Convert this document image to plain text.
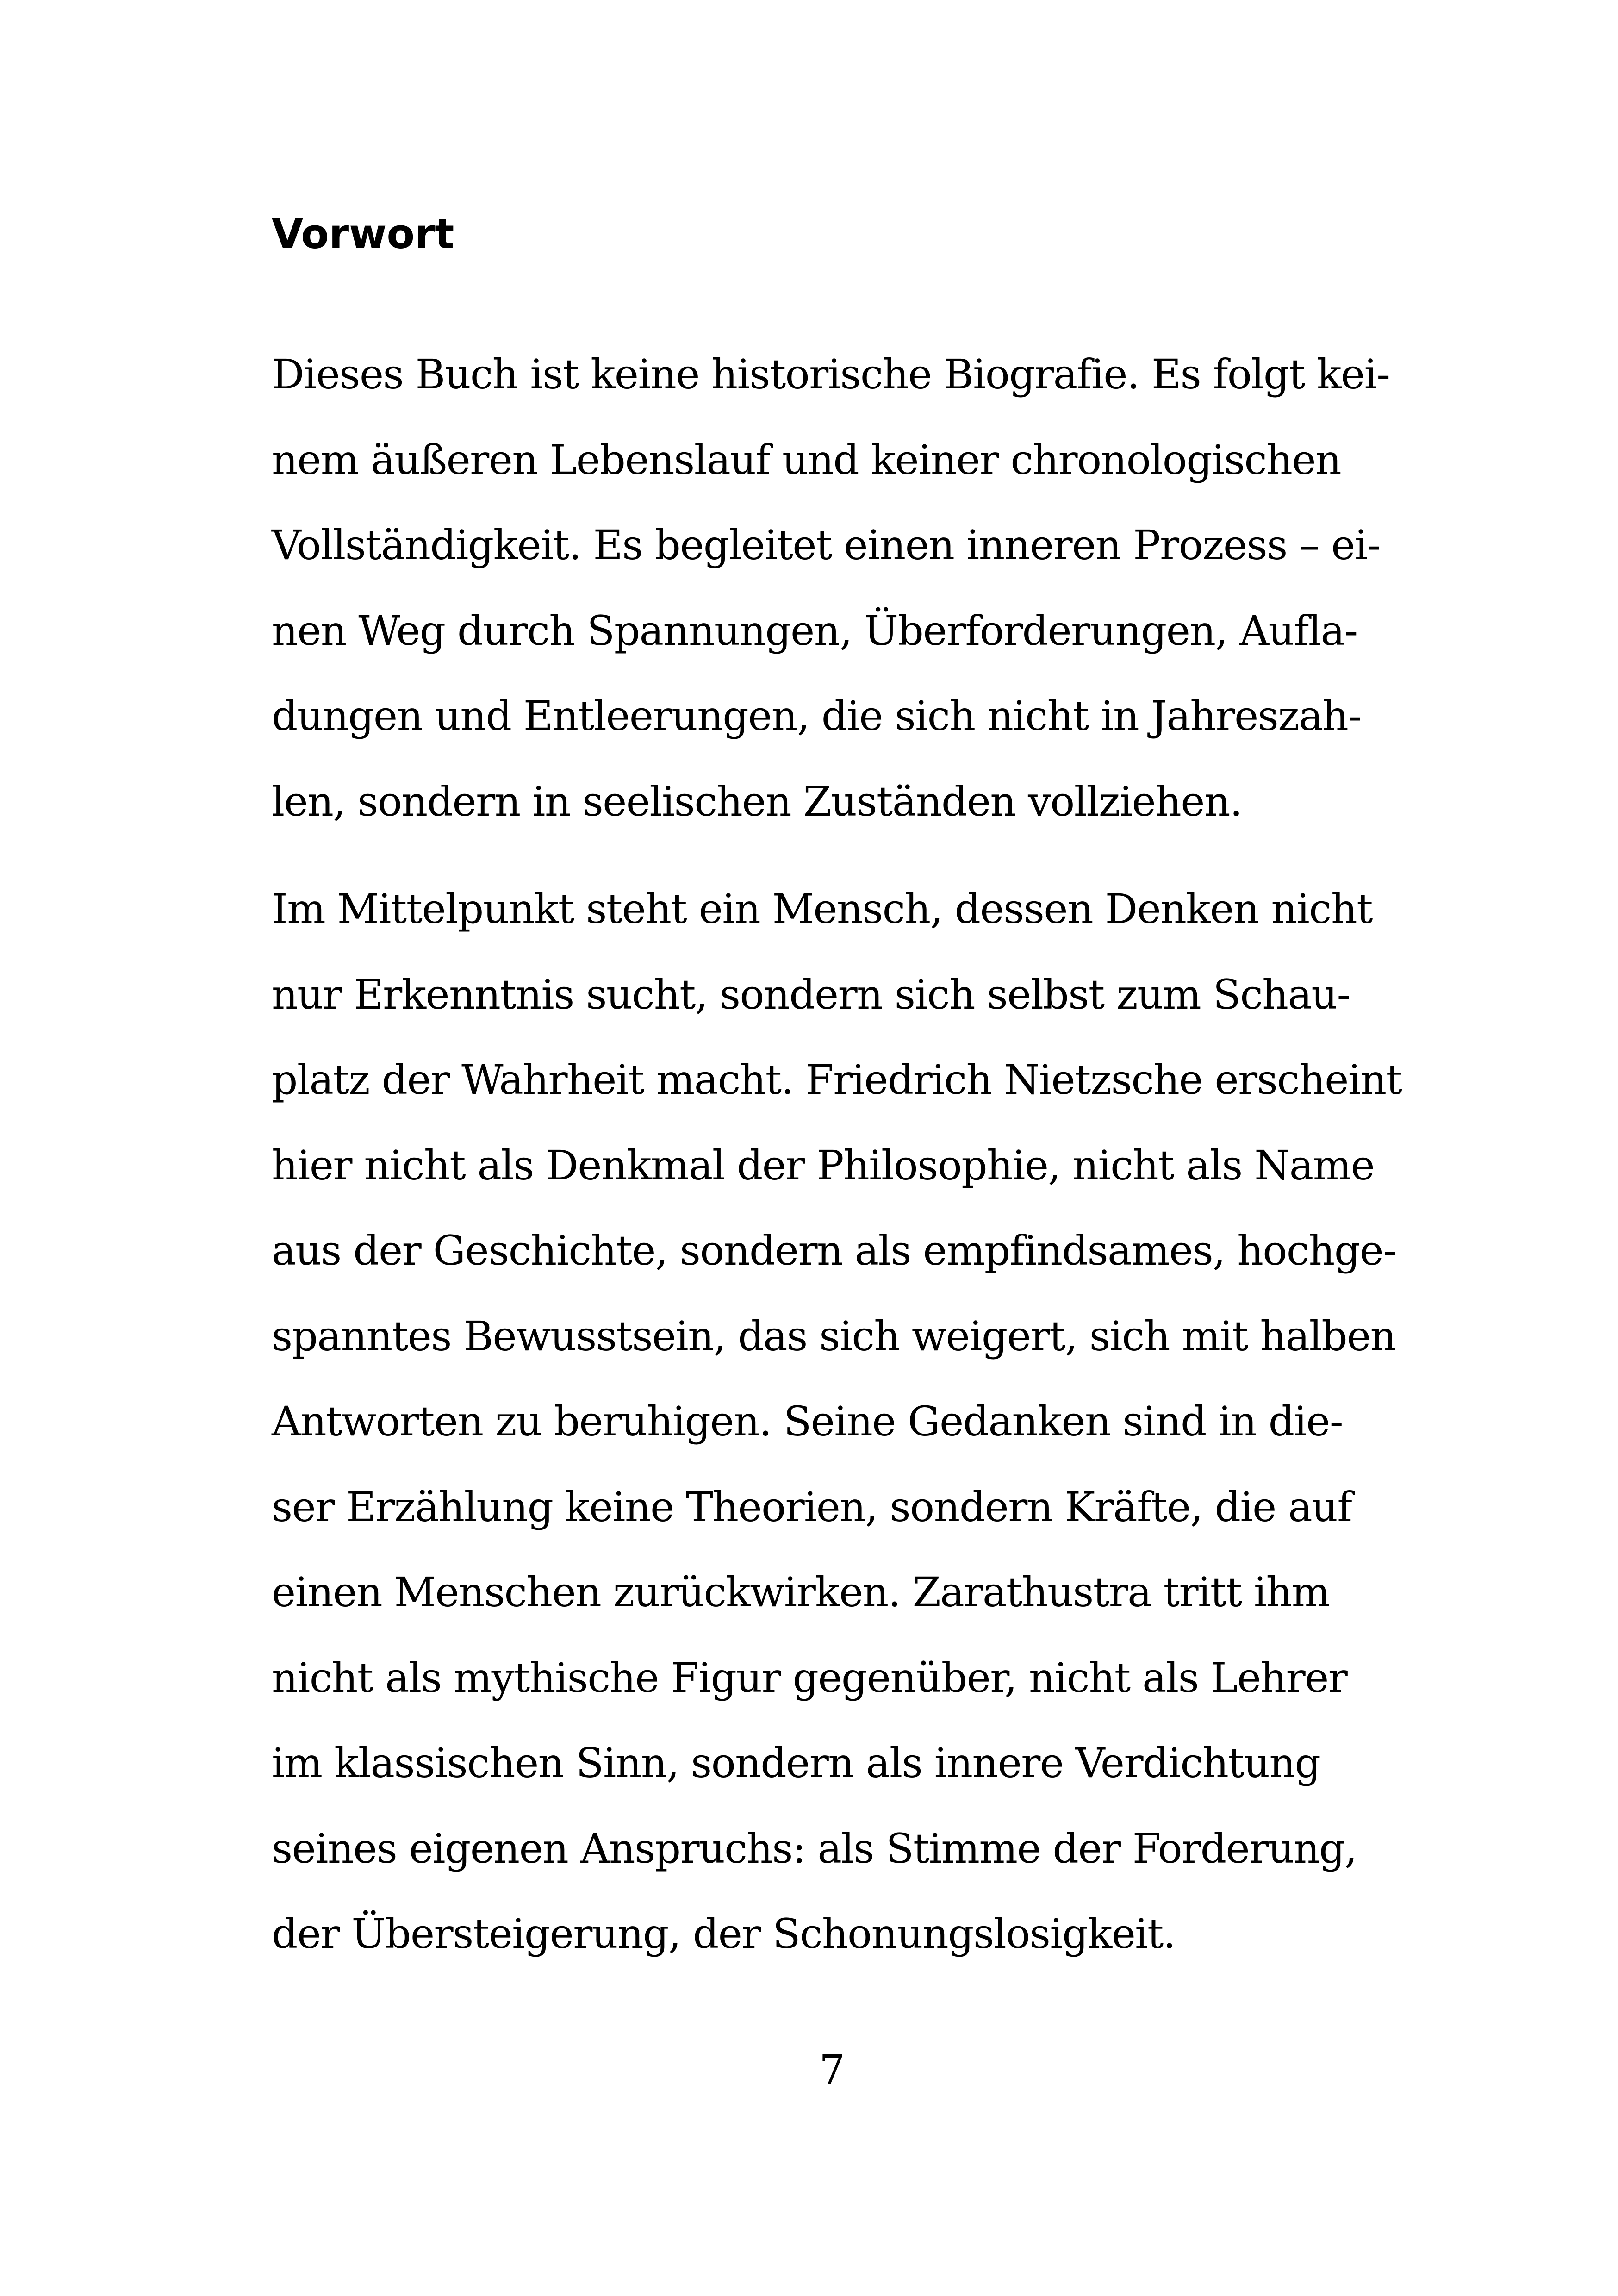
Vorwort

Dieses Buch ist keine historische Biografie. Es folgt kei-

nem äußeren Lebenslauf und keiner chronologischen

Vollständigkeit. Es begleitet einen inneren Prozess – ei-

nen Weg durch Spannungen, Überforderungen, Aufla-

dungen und Entleerungen, die sich nicht in Jahreszah-

len, sondern in seelischen Zuständen vollziehen.

Im Mittelpunkt steht ein Mensch, dessen Denken nicht

nur Erkenntnis sucht, sondern sich selbst zum Schau-

platz der Wahrheit macht. Friedrich Nietzsche erscheint

hier nicht als Denkmal der Philosophie, nicht als Name

aus der Geschichte, sondern als empfindsames, hochge-

spanntes Bewusstsein, das sich weigert, sich mit halben

Antworten zu beruhigen. Seine Gedanken sind in die-

ser Erzählung keine Theorien, sondern Kräfte, die auf

einen Menschen zurückwirken. Zarathustra tritt ihm

nicht als mythische Figur gegenüber, nicht als Lehrer

im klassischen Sinn, sondern als innere Verdichtung

seines eigenen Anspruchs: als Stimme der Forderung,

der Übersteigerung, der Schonungslosigkeit.

7
